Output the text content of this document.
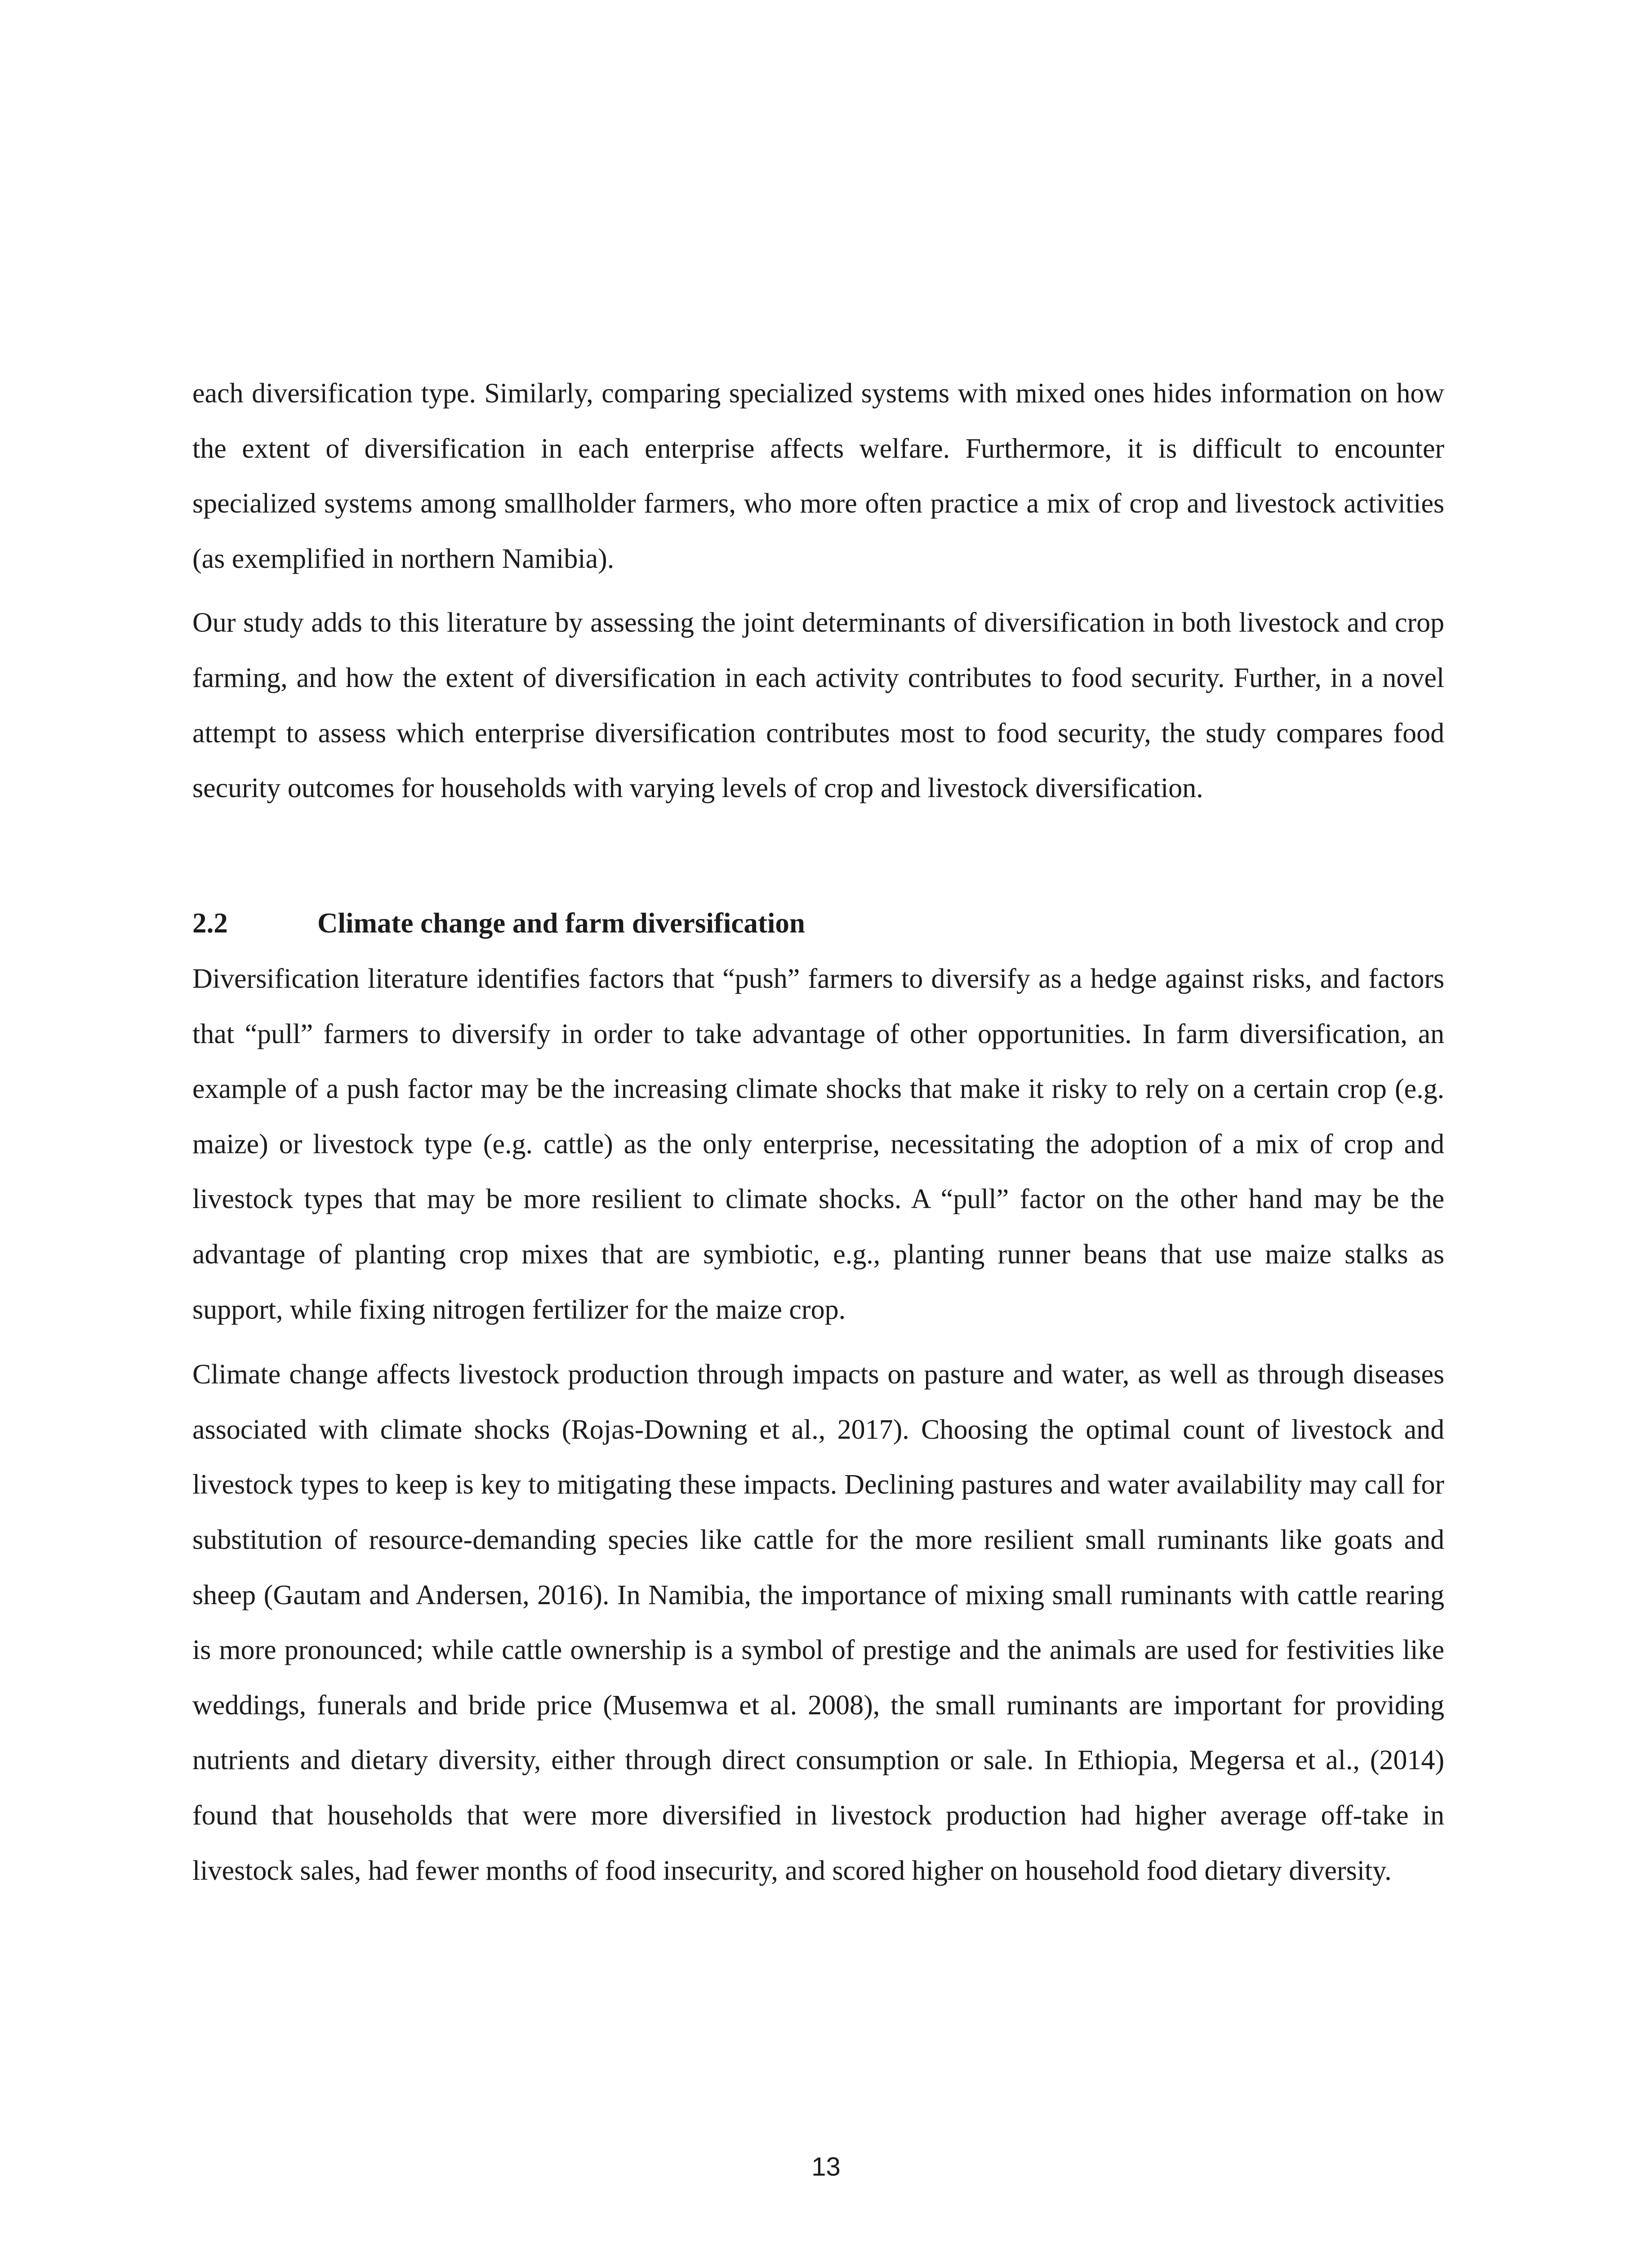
each diversification type. Similarly, comparing specialized systems with mixed ones hides information on how the extent of diversification in each enterprise affects welfare. Furthermore, it is difficult to encounter specialized systems among smallholder farmers, who more often practice a mix of crop and livestock activities (as exemplified in northern Namibia).

Our study adds to this literature by assessing the joint determinants of diversification in both livestock and crop farming, and how the extent of diversification in each activity contributes to food security. Further, in a novel attempt to assess which enterprise diversification contributes most to food security, the study compares food security outcomes for households with varying levels of crop and livestock diversification.

2.2	Climate change and farm diversification

Diversification literature identifies factors that “push” farmers to diversify as a hedge against risks, and factors that “pull” farmers to diversify in order to take advantage of other opportunities. In farm diversification, an example of a push factor may be the increasing climate shocks that make it risky to rely on a certain crop (e.g. maize) or livestock type (e.g. cattle) as the only enterprise, necessitating the adoption of a mix of crop and livestock types that may be more resilient to climate shocks. A “pull” factor on the other hand may be the advantage of planting crop mixes that are symbiotic, e.g., planting runner beans that use maize stalks as support, while fixing nitrogen fertilizer for the maize crop.

Climate change affects livestock production through impacts on pasture and water, as well as through diseases associated with climate shocks (Rojas-Downing et al., 2017). Choosing the optimal count of livestock and livestock types to keep is key to mitigating these impacts. Declining pastures and water availability may call for substitution of resource-demanding species like cattle for the more resilient small ruminants like goats and sheep (Gautam and Andersen, 2016). In Namibia, the importance of mixing small ruminants with cattle rearing is more pronounced; while cattle ownership is a symbol of prestige and the animals are used for festivities like weddings, funerals and bride price (Musemwa et al. 2008), the small ruminants are important for providing nutrients and dietary diversity, either through direct consumption or sale. In Ethiopia, Megersa et al., (2014) found that households that were more diversified in livestock production had higher average off-take in livestock sales, had fewer months of food insecurity, and scored higher on household food dietary diversity.

13
